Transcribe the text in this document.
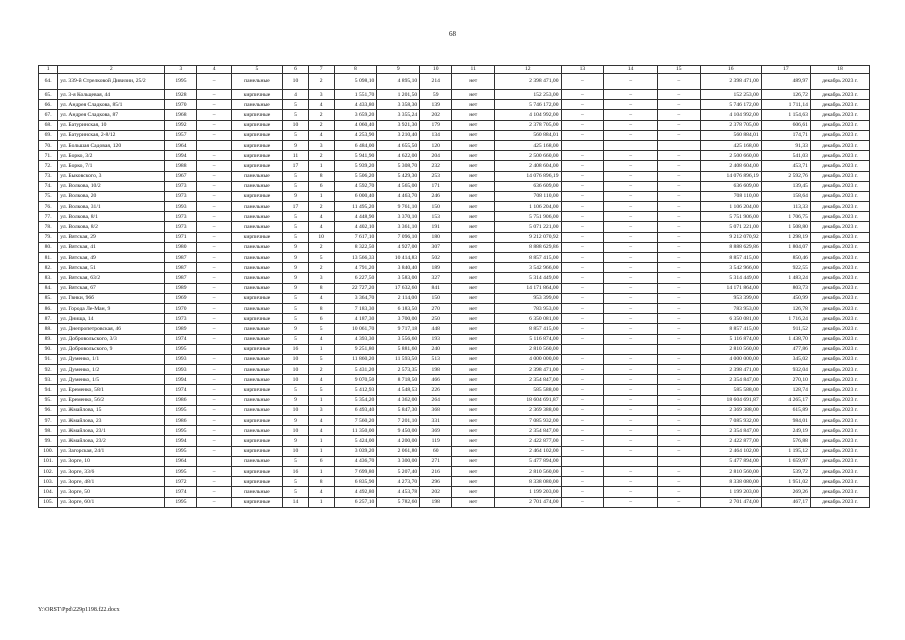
68
1	2	3	4	5	6	7	8	9	10	11	12	13	14	15	16	17	18
64.	ул. 339-й Стрелковой Дивизии, 25/2	1995	–	панельные	10	2	5 098,10	4 895,10	214	нет	2 398 471,00	–	–	–	2 398 471,00	489,97	декабрь 2023 г.
65.	ул. 3-я Кольцевая, 44	1928	–	кирпичные	4	3	1 551,70	1 201,50	59	нет	152 253,00	–	–	–	152 253,00	126,72	декабрь 2023 г.
66.	ул. Андрея Сладкова, 85/1	1970	–	панельные	5	4	4 433,80	3 358,30	139	нет	5 746 172,00	–	–	–	5 746 172,00	1 711,14	декабрь 2023 г.
67.	ул. Андрея Сладкова, 87	1968	–	кирпичные	5	2	3 659,20	3 355,24	202	нет	4 104 992,00	–	–	–	4 104 992,00	1 154,63	декабрь 2023 г.
68.	ул. Батуринская, 10	1992	–	кирпичные	10	2	4 060,40	3 921,30	179	нет	2 378 705,00	–	–	–	2 378 705,00	606,61	декабрь 2023 г.
69.	ул. Батуринская, 2-8/12	1957	–	кирпичные	5	4	4 253,90	3 210,40	134	нет	560 884,01	–	–	–	560 884,01	174,71	декабрь 2023 г.
70.	ул. Большая Садовая, 120	1964		кирпичные	9	3	6 484,00	4 655,50	120	нет	425 168,00				425 168,00	91,33	декабрь 2023 г.
71.	ул. Борко, 3/2	1994	–	кирпичные	11	2	5 941,90	4 622,00	204	нет	2 500 660,00	–	–	–	2 500 660,00	541,03	декабрь 2023 г.
72.	ул. Борко, 7/1	1988	–	кирпичные	17	1	5 939,20	5 308,70	232	нет	2 408 604,00	–	–	–	2 408 604,00	453,71	декабрь 2023 г.
73.	ул. Быковского, 3	1967	–	панельные	5	8	5 506,20	5 429,30	253	нет	14 076 896,19	–	–	–	14 076 896,19	2 592,76	декабрь 2023 г.
74.	ул. Волкова, 10/2	1973	–	панельные	5	6	4 592,70	4 565,00	171	нет	636 609,00	–	–	–	636 609,00	139,45	декабрь 2023 г.
75.	ул. Волкова, 20	1973	–	кирпичные	9	1	6 000,40	4 463,70	246	нет	708 110,00	–	–	–	708 110,00	158,64	декабрь 2023 г.
76.	ул. Волкова, 31/1	1993	–	панельные	17	2	11 495,20	9 761,10	150	нет	1 106 204,00	–	–	–	1 106 204,00	113,33	декабрь 2023 г.
77.	ул. Волкова, 8/1	1973	–	панельные	5	4	4 448,90	3 370,10	153	нет	5 751 906,00	–	–	–	5 751 906,00	1 706,75	декабрь 2023 г.
78.	ул. Волкова, 8/2	1973	–	панельные	5	4	4 402,10	3 361,10	191	нет	5 071 221,00	–	–	–	5 071 221,00	1 508,80	декабрь 2023 г.
79.	ул. Вятская, 29	1971	–	кирпичные	5	10	7 617,10	7 096,10	180	нет	9 212 070,92	–	–	–	9 212 070,92	1 298,19	декабрь 2023 г.
80.	ул. Вятская, 41	1980	–	панельные	9	2	8 322,50	4 927,00	307	нет	8 888 629,86	–	–	–	8 888 629,86	1 804,07	декабрь 2023 г.
81.	ул. Вятская, 49	1987	–	панельные	9	5	13 566,33	10 414,83	502	нет	8 857 415,00	–	–	–	8 857 415,00	850,46	декабрь 2023 г.
82.	ул. Вятская, 51	1987	–	панельные	9	2	4 791,20	3 840,40	189	нет	3 542 966,00	–	–	–	3 542 966,00	922,55	декабрь 2023 г.
83.	ул. Вятская, 63/2	1987	–	панельные	9	3	6 227,50	3 583,00	327	нет	5 314 449,00	–	–	–	5 314 449,00	1 483,24	декабрь 2023 г.
84.	ул. Вятская, 67	1989	–	панельные	9	8	22 727,20	17 632,60	841	нет	14 171 864,00	–	–	–	14 171 864,00	803,73	декабрь 2023 г.
85.	ул. Гвнки, 96б	1969	–	кирпичные	5	4	3 364,70	2 114,00	150	нет	953 399,00	–	–	–	953 399,00	450,99	декабрь 2023 г.
86.	ул. Города Ле-Ман, 9	1970	–	панельные	5	8	7 183,30	6 183,50	270	нет	783 953,00	–	–	–	783 953,00	126,78	декабрь 2023 г.
87.	ул. Днища, 14	1973	–	кирпичные	5	6	4 187,30	3 700,00	250	нет	6 350 081,00	–	–	–	6 350 081,00	1 716,24	декабрь 2023 г.
88.	ул. Днепропетровская, 46	1989	–	панельные	9	5	10 061,70	9 717,18	448	нет	8 857 415,00	–	–	–	8 857 415,00	911,52	декабрь 2023 г.
89.	ул. Добровольского, 3/3	1974	–	панельные	5	4	4 393,30	3 556,60	193	нет	5 116 874,00	–	–	–	5 116 874,00	1 438,70	декабрь 2023 г.
90.	ул. Добровольского, 9	1995		кирпичные	16	1	9 251,80	5 881,60	240	нет	2 810 560,00				2 810 560,00	477,86	декабрь 2023 г.
91.	ул. Думенко, 1/1	1993	–	панельные	10	5	11 860,20	11 593,50	513	нет	4 000 000,00	–	–	–	4 000 000,00	345,02	декабрь 2023 г.
92.	ул. Думенко, 1/2	1993	–	панельные	10	2	5 431,20	2 573,35	198	нет	2 398 471,00	–	–	–	2 398 471,00	932,04	декабрь 2023 г.
93.	ул. Думенко, 1/5	1994	–	панельные	10	4	9 070,50	8 718,50	466	нет	2 354 847,00	–	–	–	2 354 847,00	270,10	декабрь 2023 г.
94.	ул. Еременко, 58/1	1974	–	кирпичные	5	5	5 412,93	4 548,53	226	нет	585 588,00	–	–	–	585 588,00	128,74	декабрь 2023 г.
95.	ул. Еременко, 56/2	1986	–	панельные	9	1	5 354,20	4 362,00	264	нет	18 604 691,87	–	–	–	18 604 691,87	4 265,17	декабрь 2023 г.
96.	ул. Жмайлова, 15	1995	–	панельные	10	3	6 493,40	5 847,30	368	нет	2 369 388,00	–	–	–	2 369 388,00	615,89	декабрь 2023 г.
97.	ул. Жмайлова, 23	1986	–	кирпичные	9	4	7 560,20	7 201,10	331	нет	7 085 932,00	–	–	–	7 085 932,00	984,01	декабрь 2023 г.
98.	ул. Жмайлова, 23/1	1995	–	панельные	10	4	11 350,00	9 450,00	369	нет	2 354 847,00	–	–	–	2 354 847,00	249,19	декабрь 2023 г.
99.	ул. Жмайлова, 23/2	1994	–	кирпичные	9	1	5 424,00	4 200,00	119	нет	2 422 877,00	–	–	–	2 422 877,00	576,88	декабрь 2023 г.
100.	ул. Загорская, 24/1	1995	–	кирпичные	10	1	3 039,20	2 061,80	60	нет	2 464 102,00	–	–	–	2 464 102,00	1 195,12	декабрь 2023 г.
101.	ул. Зорге, 10	1964		панельные	5	6	4 436,70	3 300,00	271	нет	5 477 894,00				5 477 894,00	1 659,97	декабрь 2023 г.
102.	ул. Зорге, 33/6	1995	–	кирпичные	16	1	7 699,80	5 207,40	216	нет	2 810 560,00	–	–	–	2 810 560,00	539,72	декабрь 2023 г.
103.	ул. Зорге, 48/1	1972	–	кирпичные	5	8	6 835,90	4 273,70	296	нет	8 338 080,00	–	–	–	8 338 080,00	1 951,02	декабрь 2023 г.
104.	ул. Зорге, 50	1974	–	панельные	5	4	4 492,80	4 453,78	202	нет	1 199 203,00	–	–	–	1 199 203,00	269,26	декабрь 2023 г.
105.	ул. Зорге, 60/1	1995	–	кирпичные	14	1	6 257,10	5 782,60	198	нет	2 701 474,00	–	–	–	2 701 474,00	467,17	декабрь 2023 г.
Y:\ORST\Ppd\229p1198.f22.docx
